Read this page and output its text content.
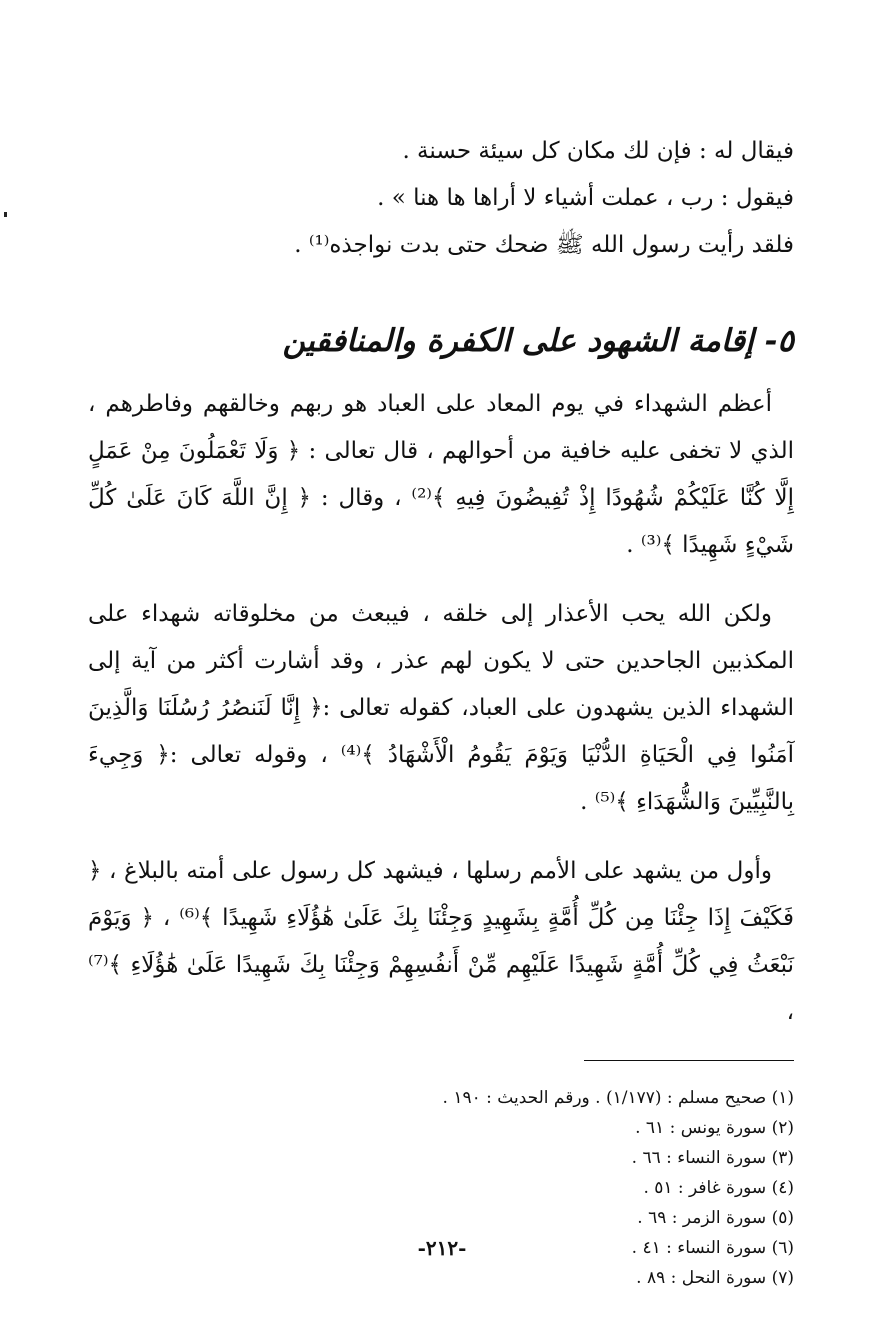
فيقال له : فإن لك مكان كل سيئة حسنة .

فيقول : رب ، عملت أشياء لا أراها ها هنا » .

فلقد رأيت رسول الله ﷺ ضحك حتى بدت نواجذه⁽¹⁾ .

٥- إقامة الشهود على الكفرة والمنافقين

أعظم الشهداء في يوم المعاد على العباد هو ربهم وخالقهم وفاطرهم ، الذي لا تخفى عليه خافية من أحوالهم ، قال تعالى : ﴿ وَلَا تَعْمَلُونَ مِنْ عَمَلٍ إِلَّا كُنَّا عَلَيْكُمْ شُهُودًا إِذْ تُفِيضُونَ فِيهِ ﴾⁽²⁾ ، وقال : ﴿ إِنَّ اللَّهَ كَانَ عَلَىٰ كُلِّ شَيْءٍ شَهِيدًا ﴾⁽³⁾ .

ولكن الله يحب الأعذار إلى خلقه ، فيبعث من مخلوقاته شهداء على المكذبين الجاحدين حتى لا يكون لهم عذر ، وقد أشارت أكثر من آية إلى الشهداء الذين يشهدون على العباد، كقوله تعالى :﴿ إِنَّا لَنَنصُرُ رُسُلَنَا وَالَّذِينَ آمَنُوا فِي الْحَيَاةِ الدُّنْيَا وَيَوْمَ يَقُومُ الْأَشْهَادُ ﴾⁽⁴⁾ ، وقوله تعالى :﴿ وَجِيءَ بِالنَّبِيِّينَ وَالشُّهَدَاءِ ﴾⁽⁵⁾ .

وأول من يشهد على الأمم رسلها ، فيشهد كل رسول على أمته بالبلاغ ، ﴿ فَكَيْفَ إِذَا جِئْنَا مِن كُلِّ أُمَّةٍ بِشَهِيدٍ وَجِئْنَا بِكَ عَلَىٰ هَٰؤُلَاءِ شَهِيدًا ﴾⁽⁶⁾ ، ﴿ وَيَوْمَ نَبْعَثُ فِي كُلِّ أُمَّةٍ شَهِيدًا عَلَيْهِم مِّنْ أَنفُسِهِمْ وَجِئْنَا بِكَ شَهِيدًا عَلَىٰ هَٰؤُلَاءِ ﴾⁽⁷⁾ ،

(١) صحيح مسلم : (١/١٧٧) . ورقم الحديث : ١٩٠ .

(٢) سورة يونس : ٦١ .

(٣) سورة النساء : ٦٦ .

(٤) سورة غافر : ٥١ .

(٥) سورة الزمر : ٦٩ .

(٦) سورة النساء : ٤١ .

(٧) سورة النحل : ٨٩ .

-٢١٢-
